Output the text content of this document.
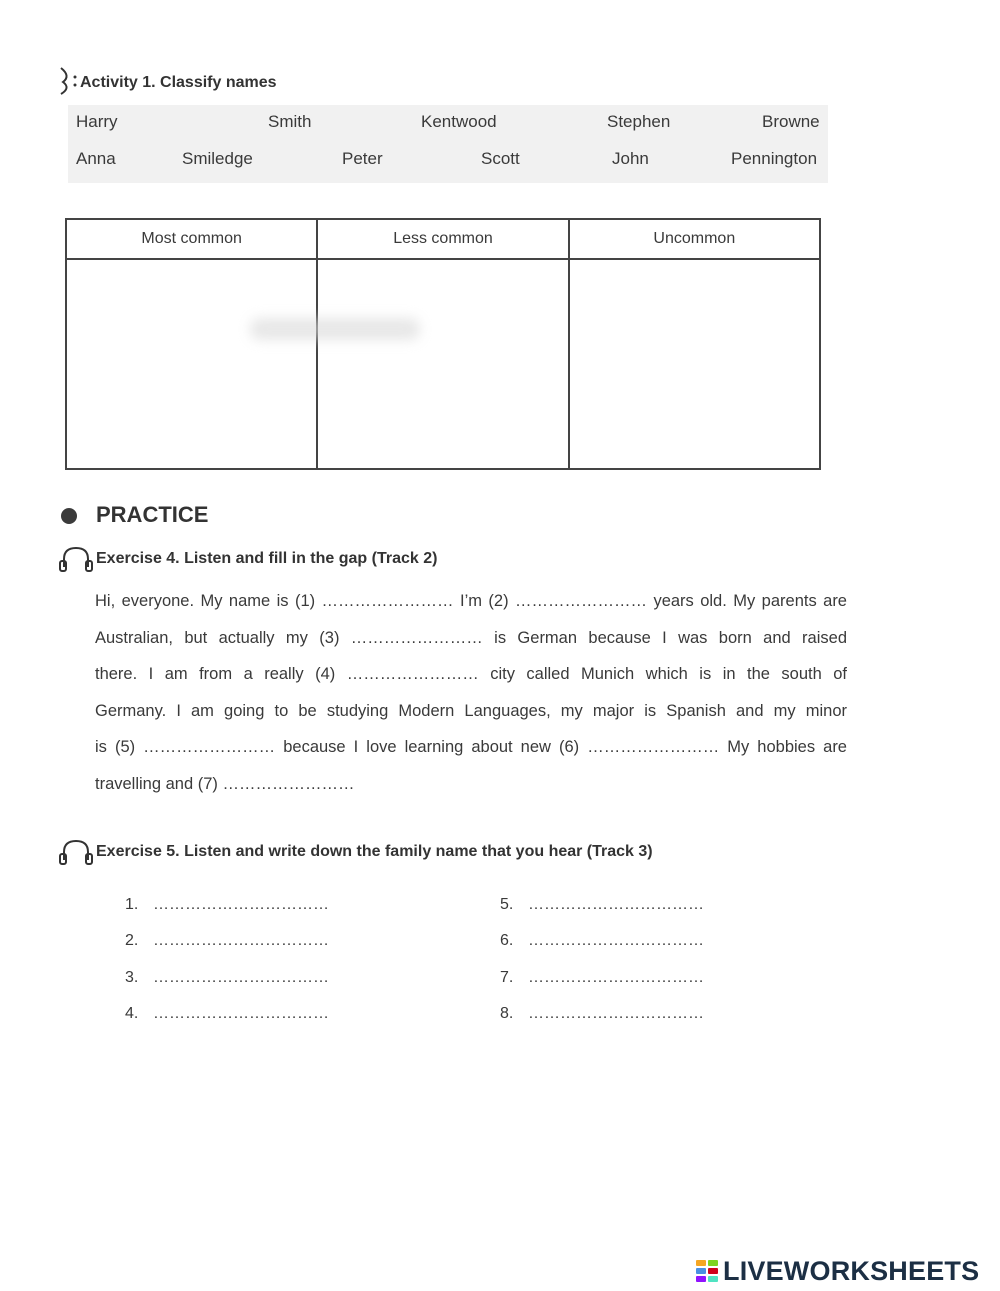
Activity 1. Classify names
Harry	Smith	Kentwood	Stephen	Browne
Anna	Smiledge	Peter	Scott	John	Pennington
Most common	Less common	Uncommon

PRACTICE
Exercise 4. Listen and fill in the gap (Track 2)
Hi, everyone. My name is (1) …………………… I’m (2) …………………… years old. My parents are
Australian, but actually my (3) …………………… is German because I was born and raised
there. I am from a really (4) …………………… city called Munich which is in the south of
Germany. I am going to be studying Modern Languages, my major is Spanish and my minor
is (5) …………………… because I love learning about new (6) …………………… My hobbies are
travelling and (7) ……………………
Exercise 5. Listen and write down the family name that you hear (Track 3)
1. ……………………………
2. ……………………………
3. ……………………………
4. ……………………………
5. ……………………………
6. ……………………………
7. ……………………………
8. ……………………………
LIVEWORKSHEETS
